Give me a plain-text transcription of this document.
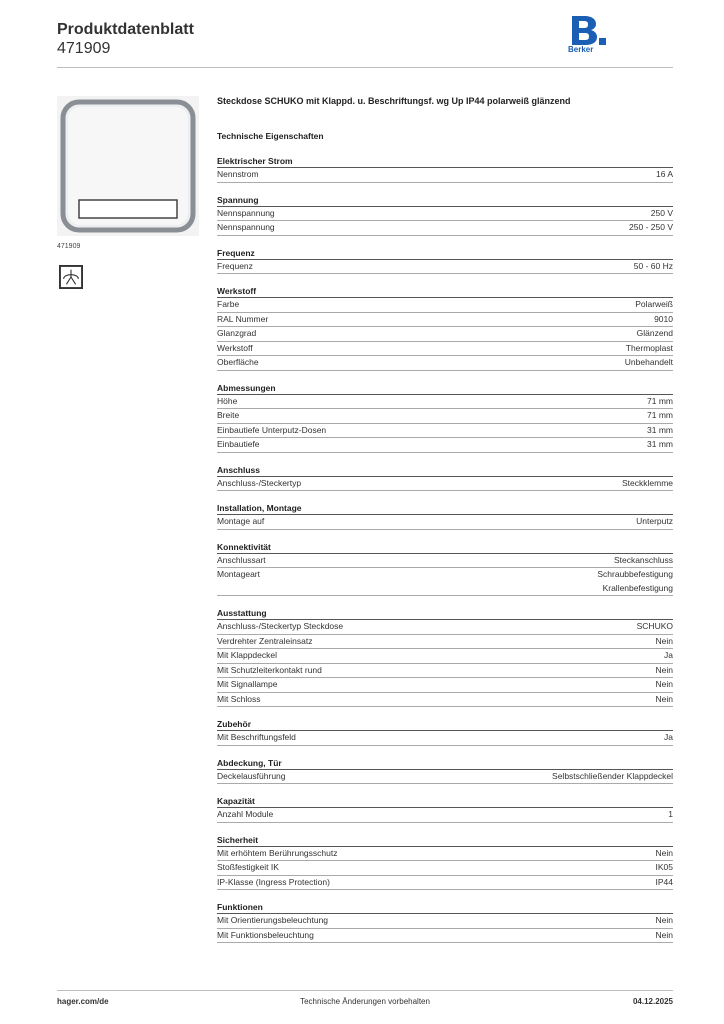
Produktdatenblatt
471909	Berker
471909
Steckdose SCHUKO mit Klappd. u. Beschriftungsf. wg Up IP44 polarweiß glänzend
Technische Eigenschaften
Elektrischer Strom
Nennstrom	16 A
Spannung
Nennspannung	250 V
Nennspannung	250 - 250 V
Frequenz
Frequenz	50 - 60 Hz
Werkstoff
Farbe	Polarweiß
RAL Nummer	9010
Glanzgrad	Glänzend
Werkstoff	Thermoplast
Oberfläche	Unbehandelt
Abmessungen
Höhe	71 mm
Breite	71 mm
Einbautiefe Unterputz-Dosen	31 mm
Einbautiefe	31 mm
Anschluss
Anschluss-/Steckertyp	Steckklemme
Installation, Montage
Montage auf	Unterputz
Konnektivität
Anschlussart	Steckanschluss
Montageart	Schraubbefestigung
Krallenbefestigung
Ausstattung
Anschluss-/Steckertyp Steckdose	SCHUKO
Verdrehter Zentraleinsatz	Nein
Mit Klappdeckel	Ja
Mit Schutzleiterkontakt rund	Nein
Mit Signallampe	Nein
Mit Schloss	Nein
Zubehör
Mit Beschriftungsfeld	Ja
Abdeckung, Tür
Deckelausführung	Selbstschließender Klappdeckel
Kapazität
Anzahl Module	1
Sicherheit
Mit erhöhtem Berührungsschutz	Nein
Stoßfestigkeit IK	IK05
IP-Klasse (Ingress Protection)	IP44
Funktionen
Mit Orientierungsbeleuchtung	Nein
Mit Funktionsbeleuchtung	Nein
hager.com/de	Technische Änderungen vorbehalten	04.12.2025
